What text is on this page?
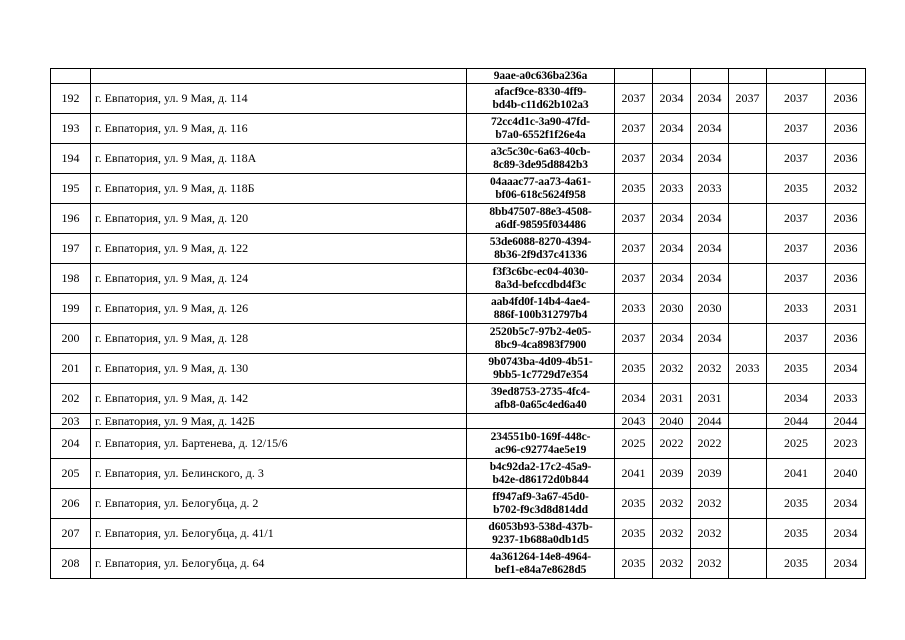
		9aae-a0c636ba236a						

192	г. Евпатория, ул. 9 Мая, д. 114	afacf9ce-8330-4ff9-
bd4b-c11d62b102a3	2037	2034	2034	2037	2037	2036
193	г. Евпатория, ул. 9 Мая, д. 116	72cc4d1c-3a90-47fd-
b7a0-6552f1f26e4a	2037	2034	2034		2037	2036
194	г. Евпатория, ул. 9 Мая, д. 118А	a3c5c30c-6a63-40cb-
8c89-3de95d8842b3	2037	2034	2034		2037	2036
195	г. Евпатория, ул. 9 Мая, д. 118Б	04aaac77-aa73-4a61-
bf06-618c5624f958	2035	2033	2033		2035	2032
196	г. Евпатория, ул. 9 Мая, д. 120	8bb47507-88e3-4508-
a6df-98595f034486	2037	2034	2034		2037	2036
197	г. Евпатория, ул. 9 Мая, д. 122	53de6088-8270-4394-
8b36-2f9d37c41336	2037	2034	2034		2037	2036
198	г. Евпатория, ул. 9 Мая, д. 124	f3f3c6bc-ec04-4030-
8a3d-befccdbd4f3c	2037	2034	2034		2037	2036
199	г. Евпатория, ул. 9 Мая, д. 126	aab4fd0f-14b4-4ae4-
886f-100b312797b4	2033	2030	2030		2033	2031
200	г. Евпатория, ул. 9 Мая, д. 128	2520b5c7-97b2-4e05-
8bc9-4ca8983f7900	2037	2034	2034		2037	2036
201	г. Евпатория, ул. 9 Мая, д. 130	9b0743ba-4d09-4b51-
9bb5-1c7729d7e354	2035	2032	2032	2033	2035	2034
202	г. Евпатория, ул. 9 Мая, д. 142	39ed8753-2735-4fc4-
afb8-0a65c4ed6a40	2034	2031	2031		2034	2033
203	г. Евпатория, ул. 9 Мая, д. 142Б		2043	2040	2044		2044	2044
204	г. Евпатория, ул. Бартенева, д. 12/15/6	234551b0-169f-448c-
ac96-c92774ae5e19	2025	2022	2022		2025	2023
205	г. Евпатория, ул. Белинского, д. 3	b4c92da2-17c2-45a9-
b42e-d86172d0b844	2041	2039	2039		2041	2040
206	г. Евпатория, ул. Белогубца, д. 2	ff947af9-3a67-45d0-
b702-f9c3d8d814dd	2035	2032	2032		2035	2034
207	г. Евпатория, ул. Белогубца, д. 41/1	d6053b93-538d-437b-
9237-1b688a0db1d5	2035	2032	2032		2035	2034
208	г. Евпатория, ул. Белогубца, д. 64	4a361264-14e8-4964-
bef1-e84a7e8628d5	2035	2032	2032		2035	2034
